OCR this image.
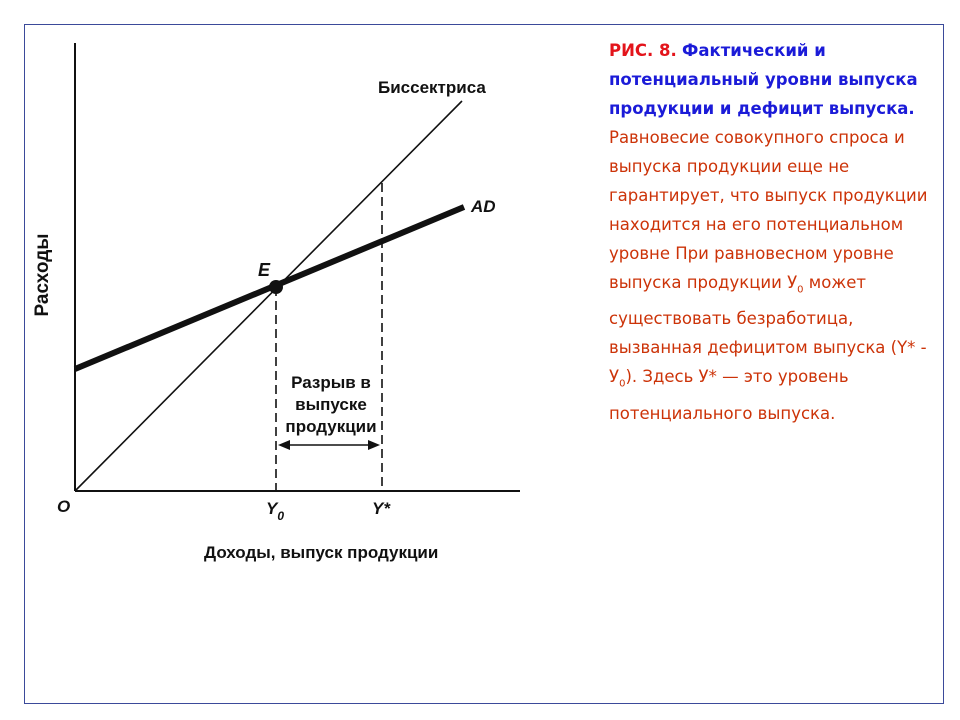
Расходы
Доходы, выпуск продукции
O
Биссектриса
AD
E
$Y_0$	Y*
Разрыв в
выпуске
продукции
РИС. 8. Фактический и потенциальный уровни выпуска продукции и дефицит выпуска.
Равновесие совокупного спроса и выпуска продукции еще не гарантирует, что выпуск продукции находится на его потенциальном уровне При равновесном уровне выпуска продукции $У_0$ может существовать безработица, вызванная дефицитом выпуска $(Y* - У_0)$. Здесь У* — это уровень потенциального выпуска.
